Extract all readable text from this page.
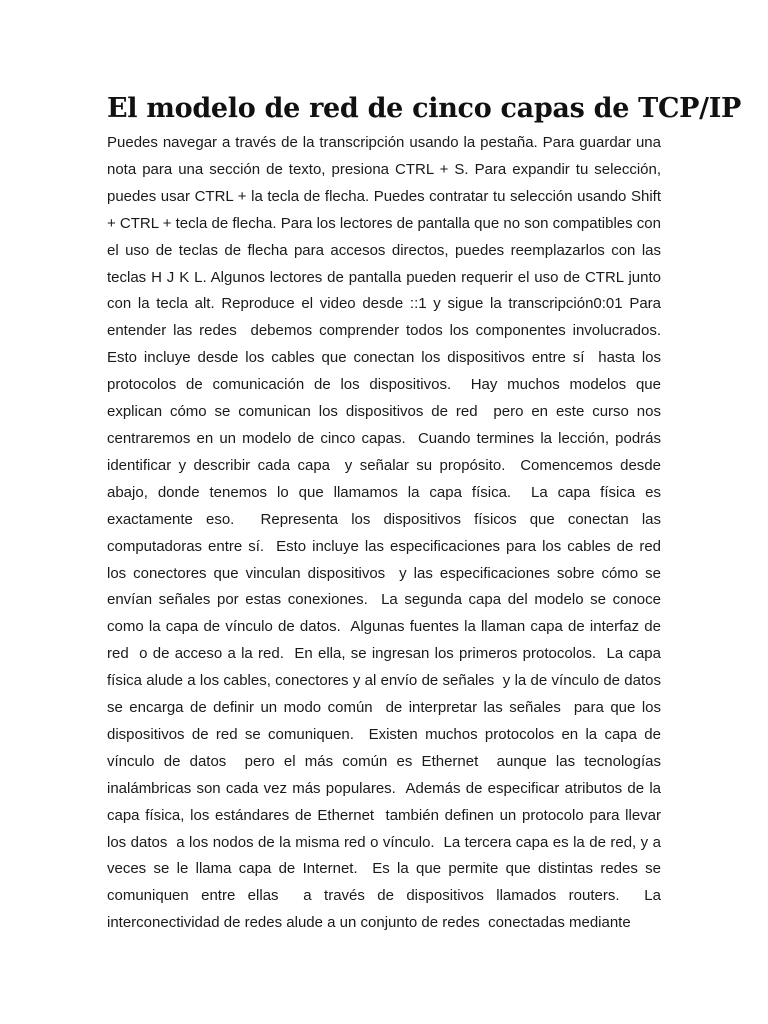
El modelo de red de cinco capas de TCP/IP

Puedes navegar a través de la transcripción usando la pestaña. Para guardar una nota para una sección de texto, presiona CTRL + S. Para expandir tu selección, puedes usar CTRL + la tecla de flecha. Puedes contratar tu selección usando Shift + CTRL + tecla de flecha. Para los lectores de pantalla que no son compatibles con el uso de teclas de flecha para accesos directos, puedes reemplazarlos con las teclas H J K L. Algunos lectores de pantalla pueden requerir el uso de CTRL junto con la tecla alt. Reproduce el video desde ::1 y sigue la transcripción0:01 Para entender las redes  debemos comprender todos los componentes involucrados.  Esto incluye desde los cables que conectan los dispositivos entre sí  hasta los protocolos de comunicación de los dispositivos.  Hay muchos modelos que explican cómo se comunican los dispositivos de red  pero en este curso nos centraremos en un modelo de cinco capas.  Cuando termines la lección, podrás identificar y describir cada capa  y señalar su propósito.  Comencemos desde abajo, donde tenemos lo que llamamos la capa física.  La capa física es exactamente eso.  Representa los dispositivos físicos que conectan las computadoras entre sí.  Esto incluye las especificaciones para los cables de red  los conectores que vinculan dispositivos  y las especificaciones sobre cómo se envían señales por estas conexiones.  La segunda capa del modelo se conoce como la capa de vínculo de datos.  Algunas fuentes la llaman capa de interfaz de red  o de acceso a la red.  En ella, se ingresan los primeros protocolos.  La capa física alude a los cables, conectores y al envío de señales  y la de vínculo de datos se encarga de definir un modo común  de interpretar las señales  para que los dispositivos de red se comuniquen.  Existen muchos protocolos en la capa de vínculo de datos  pero el más común es Ethernet  aunque las tecnologías inalámbricas son cada vez más populares.  Además de especificar atributos de la capa física, los estándares de Ethernet  también definen un protocolo para llevar los datos  a los nodos de la misma red o vínculo.  La tercera capa es la de red, y a veces se le llama capa de Internet.  Es la que permite que distintas redes se comuniquen entre ellas  a través de dispositivos llamados routers.  La interconectividad de redes alude a un conjunto de redes  conectadas mediante
